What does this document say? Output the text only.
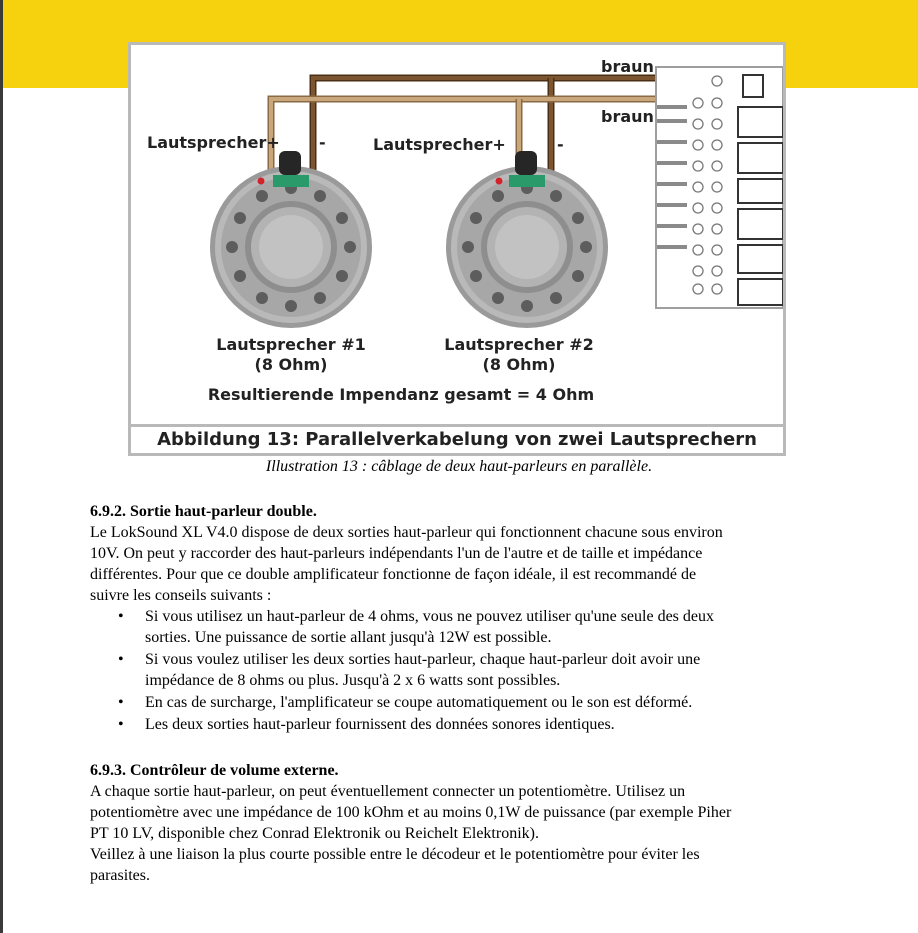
braun
braun
Lautsprecher+ -	Lautsprecher+	-
Lautsprecher #1
(8 Ohm)
Lautsprecher #2
(8 Ohm)
Resultierende Impendanz gesamt = 4 Ohm
Abbildung 13: Parallelverkabelung von zwei Lautsprechern
Illustration 13 : câblage de deux haut-parleurs en parallèle.

6.9.2. Sortie haut-parleur double.

Le LokSound XL V4.0 dispose de deux sorties haut-parleur qui fonctionnent chacune sous environ

10V. On peut y raccorder des haut-parleurs indépendants l'un de l'autre et de taille et impédance

différentes. Pour que ce double amplificateur fonctionne de façon idéale, il est recommandé de

suivre les conseils suivants :

• Si vous utilisez un haut-parleur de 4 ohms, vous ne pouvez utiliser qu'une seule des deux
sorties. Une puissance de sortie allant jusqu'à 12W est possible.
• Si vous voulez utiliser les deux sorties haut-parleur, chaque haut-parleur doit avoir une
impédance de 8 ohms ou plus. Jusqu'à 2 x 6 watts sont possibles.
• En cas de surcharge, l'amplificateur se coupe automatiquement ou le son est déformé.
• Les deux sorties haut-parleur fournissent des données sonores identiques.

6.9.3. Contrôleur de volume externe.

A chaque sortie haut-parleur, on peut éventuellement connecter un potentiomètre. Utilisez un

potentiomètre avec une impédance de 100 kOhm et au moins 0,1W de puissance (par exemple Piher

PT 10 LV, disponible chez Conrad Elektronik ou Reichelt Elektronik).

Veillez à une liaison la plus courte possible entre le décodeur et le potentiomètre pour éviter les

parasites.
